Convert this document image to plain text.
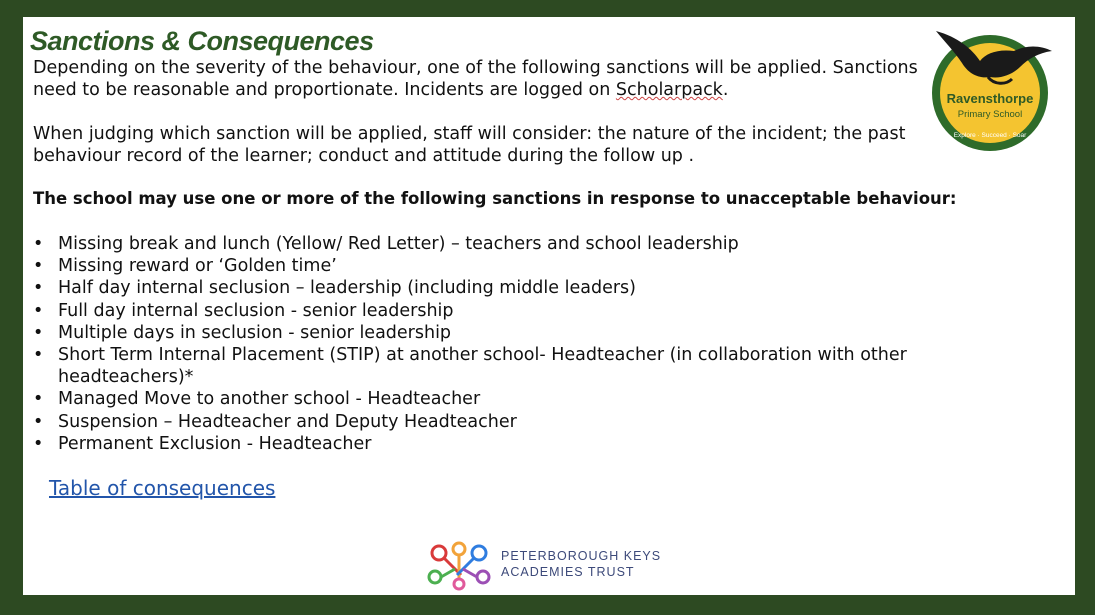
Sanctions & Consequences

Depending on the severity of the behaviour, one of the following sanctions will be applied. Sanctions need to be reasonable and proportionate. Incidents are logged on Scholarpack.

When judging which sanction will be applied, staff will consider: the nature of the incident; the past behaviour record of the learner; conduct and attitude during the follow up .

The school may use one or more of the following sanctions in response to unacceptable behaviour:

• Missing break and lunch (Yellow/ Red Letter) – teachers and school leadership
• Missing reward or ‘Golden time’
• Half day internal seclusion – leadership (including middle leaders)
• Full day internal seclusion - senior leadership
• Multiple days in seclusion - senior leadership
• Short Term Internal Placement (STIP) at another school- Headteacher (in collaboration with other headteachers)*
• Managed Move to another school - Headteacher
• Suspension – Headteacher and Deputy Headteacher
• Permanent Exclusion - Headteacher
Table of consequences
Ravensthorpe
Primary School
Explore · Succeed · Soar
PETERBOROUGH KEYS
ACADEMIES TRUST
